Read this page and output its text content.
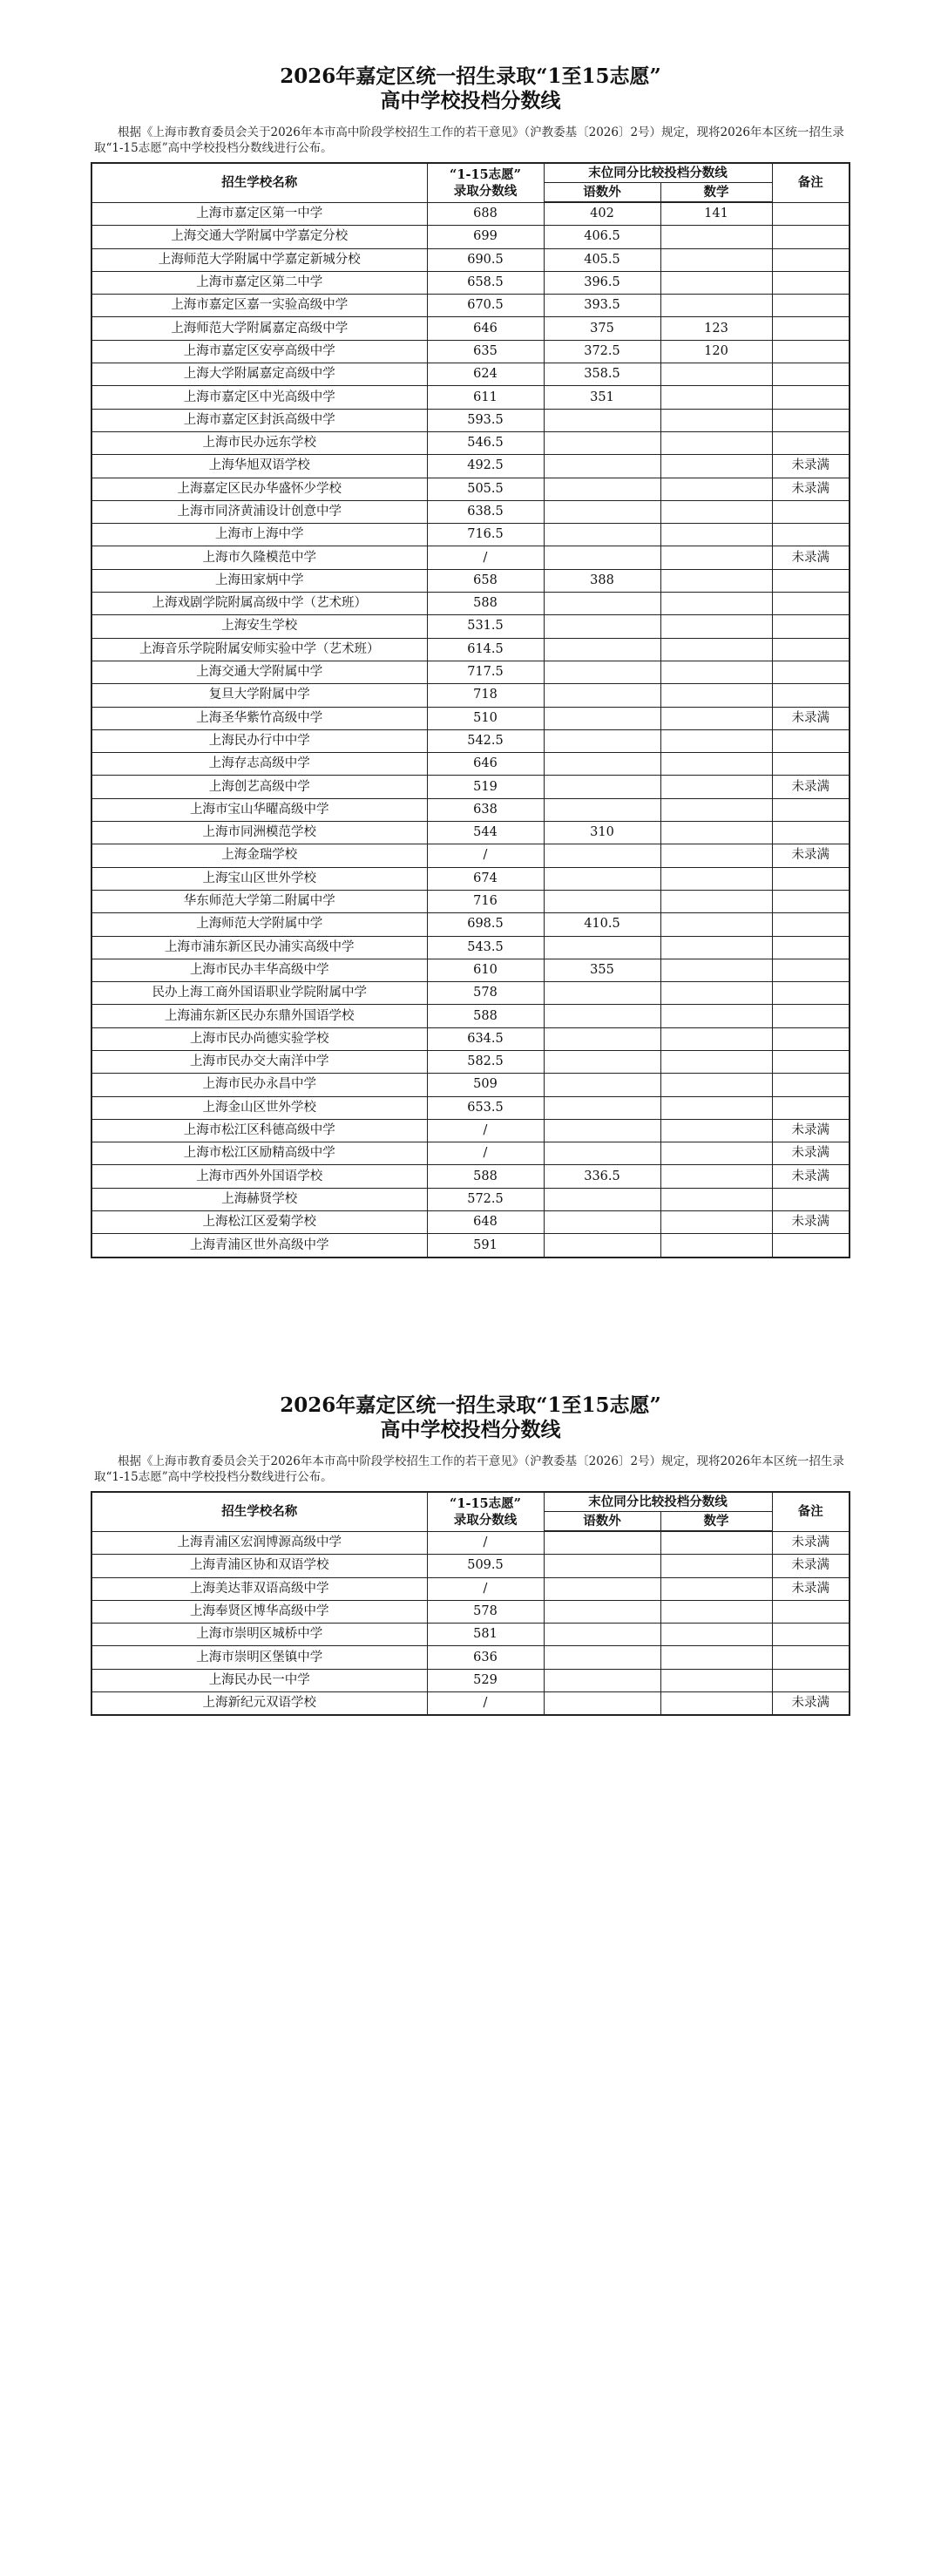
2026年嘉定区统一招生录取“1至15志愿”
高中学校投档分数线

根据《上海市教育委员会关于2026年本市高中阶段学校招生工作的若干意见》（沪教委基〔2026〕2号）规定，现将2026年本区统一招生录取“1-15志愿”高中学校投档分数线进行公布。

招生学校名称	“1-15志愿”
录取分数线	末位同分比较投档分数线		备注
		语数外	数学	
上海市嘉定区第一中学	688	402	141	
上海交通大学附属中学嘉定分校	699	406.5		
上海师范大学附属中学嘉定新城分校	690.5	405.5		
上海市嘉定区第二中学	658.5	396.5		
上海市嘉定区嘉一实验高级中学	670.5	393.5		
上海师范大学附属嘉定高级中学	646	375	123	
上海市嘉定区安亭高级中学	635	372.5	120	
上海大学附属嘉定高级中学	624	358.5		
上海市嘉定区中光高级中学	611	351		
上海市嘉定区封浜高级中学	593.5			
上海市民办远东学校	546.5			
上海华旭双语学校	492.5			未录满
上海嘉定区民办华盛怀少学校	505.5			未录满
上海市同济黄浦设计创意中学	638.5			
上海市上海中学	716.5			
上海市久隆模范中学	/			未录满
上海田家炳中学	658	388		
上海戏剧学院附属高级中学（艺术班）	588			
上海安生学校	531.5			
上海音乐学院附属安师实验中学（艺术班）	614.5			
上海交通大学附属中学	717.5			
复旦大学附属中学	718			
上海圣华紫竹高级中学	510			未录满
上海民办行中中学	542.5			
上海存志高级中学	646			
上海创艺高级中学	519			未录满
上海市宝山华曜高级中学	638			
上海市同洲模范学校	544	310		
上海金瑞学校	/			未录满
上海宝山区世外学校	674			
华东师范大学第二附属中学	716			
上海师范大学附属中学	698.5	410.5		
上海市浦东新区民办浦实高级中学	543.5			
上海市民办丰华高级中学	610	355		
民办上海工商外国语职业学院附属中学	578			
上海浦东新区民办东鼎外国语学校	588			
上海市民办尚德实验学校	634.5			
上海市民办交大南洋中学	582.5			
上海市民办永昌中学	509			
上海金山区世外学校	653.5			
上海市松江区科德高级中学	/			未录满
上海市松江区励精高级中学	/			未录满
上海市西外外国语学校	588	336.5		未录满
上海赫贤学校	572.5			
上海松江区爱菊学校	648			未录满
上海青浦区世外高级中学	591			
2026年嘉定区统一招生录取“1至15志愿”
高中学校投档分数线

根据《上海市教育委员会关于2026年本市高中阶段学校招生工作的若干意见》（沪教委基〔2026〕2号）规定，现将2026年本区统一招生录取“1-15志愿”高中学校投档分数线进行公布。

招生学校名称	“1-15志愿”
录取分数线	末位同分比较投档分数线		备注
		语数外	数学	
上海青浦区宏润博源高级中学	/			未录满
上海青浦区协和双语学校	509.5			未录满
上海美达菲双语高级中学	/			未录满
上海奉贤区博华高级中学	578			
上海市崇明区城桥中学	581			
上海市崇明区堡镇中学	636			
上海民办民一中学	529			
上海新纪元双语学校	/			未录满
